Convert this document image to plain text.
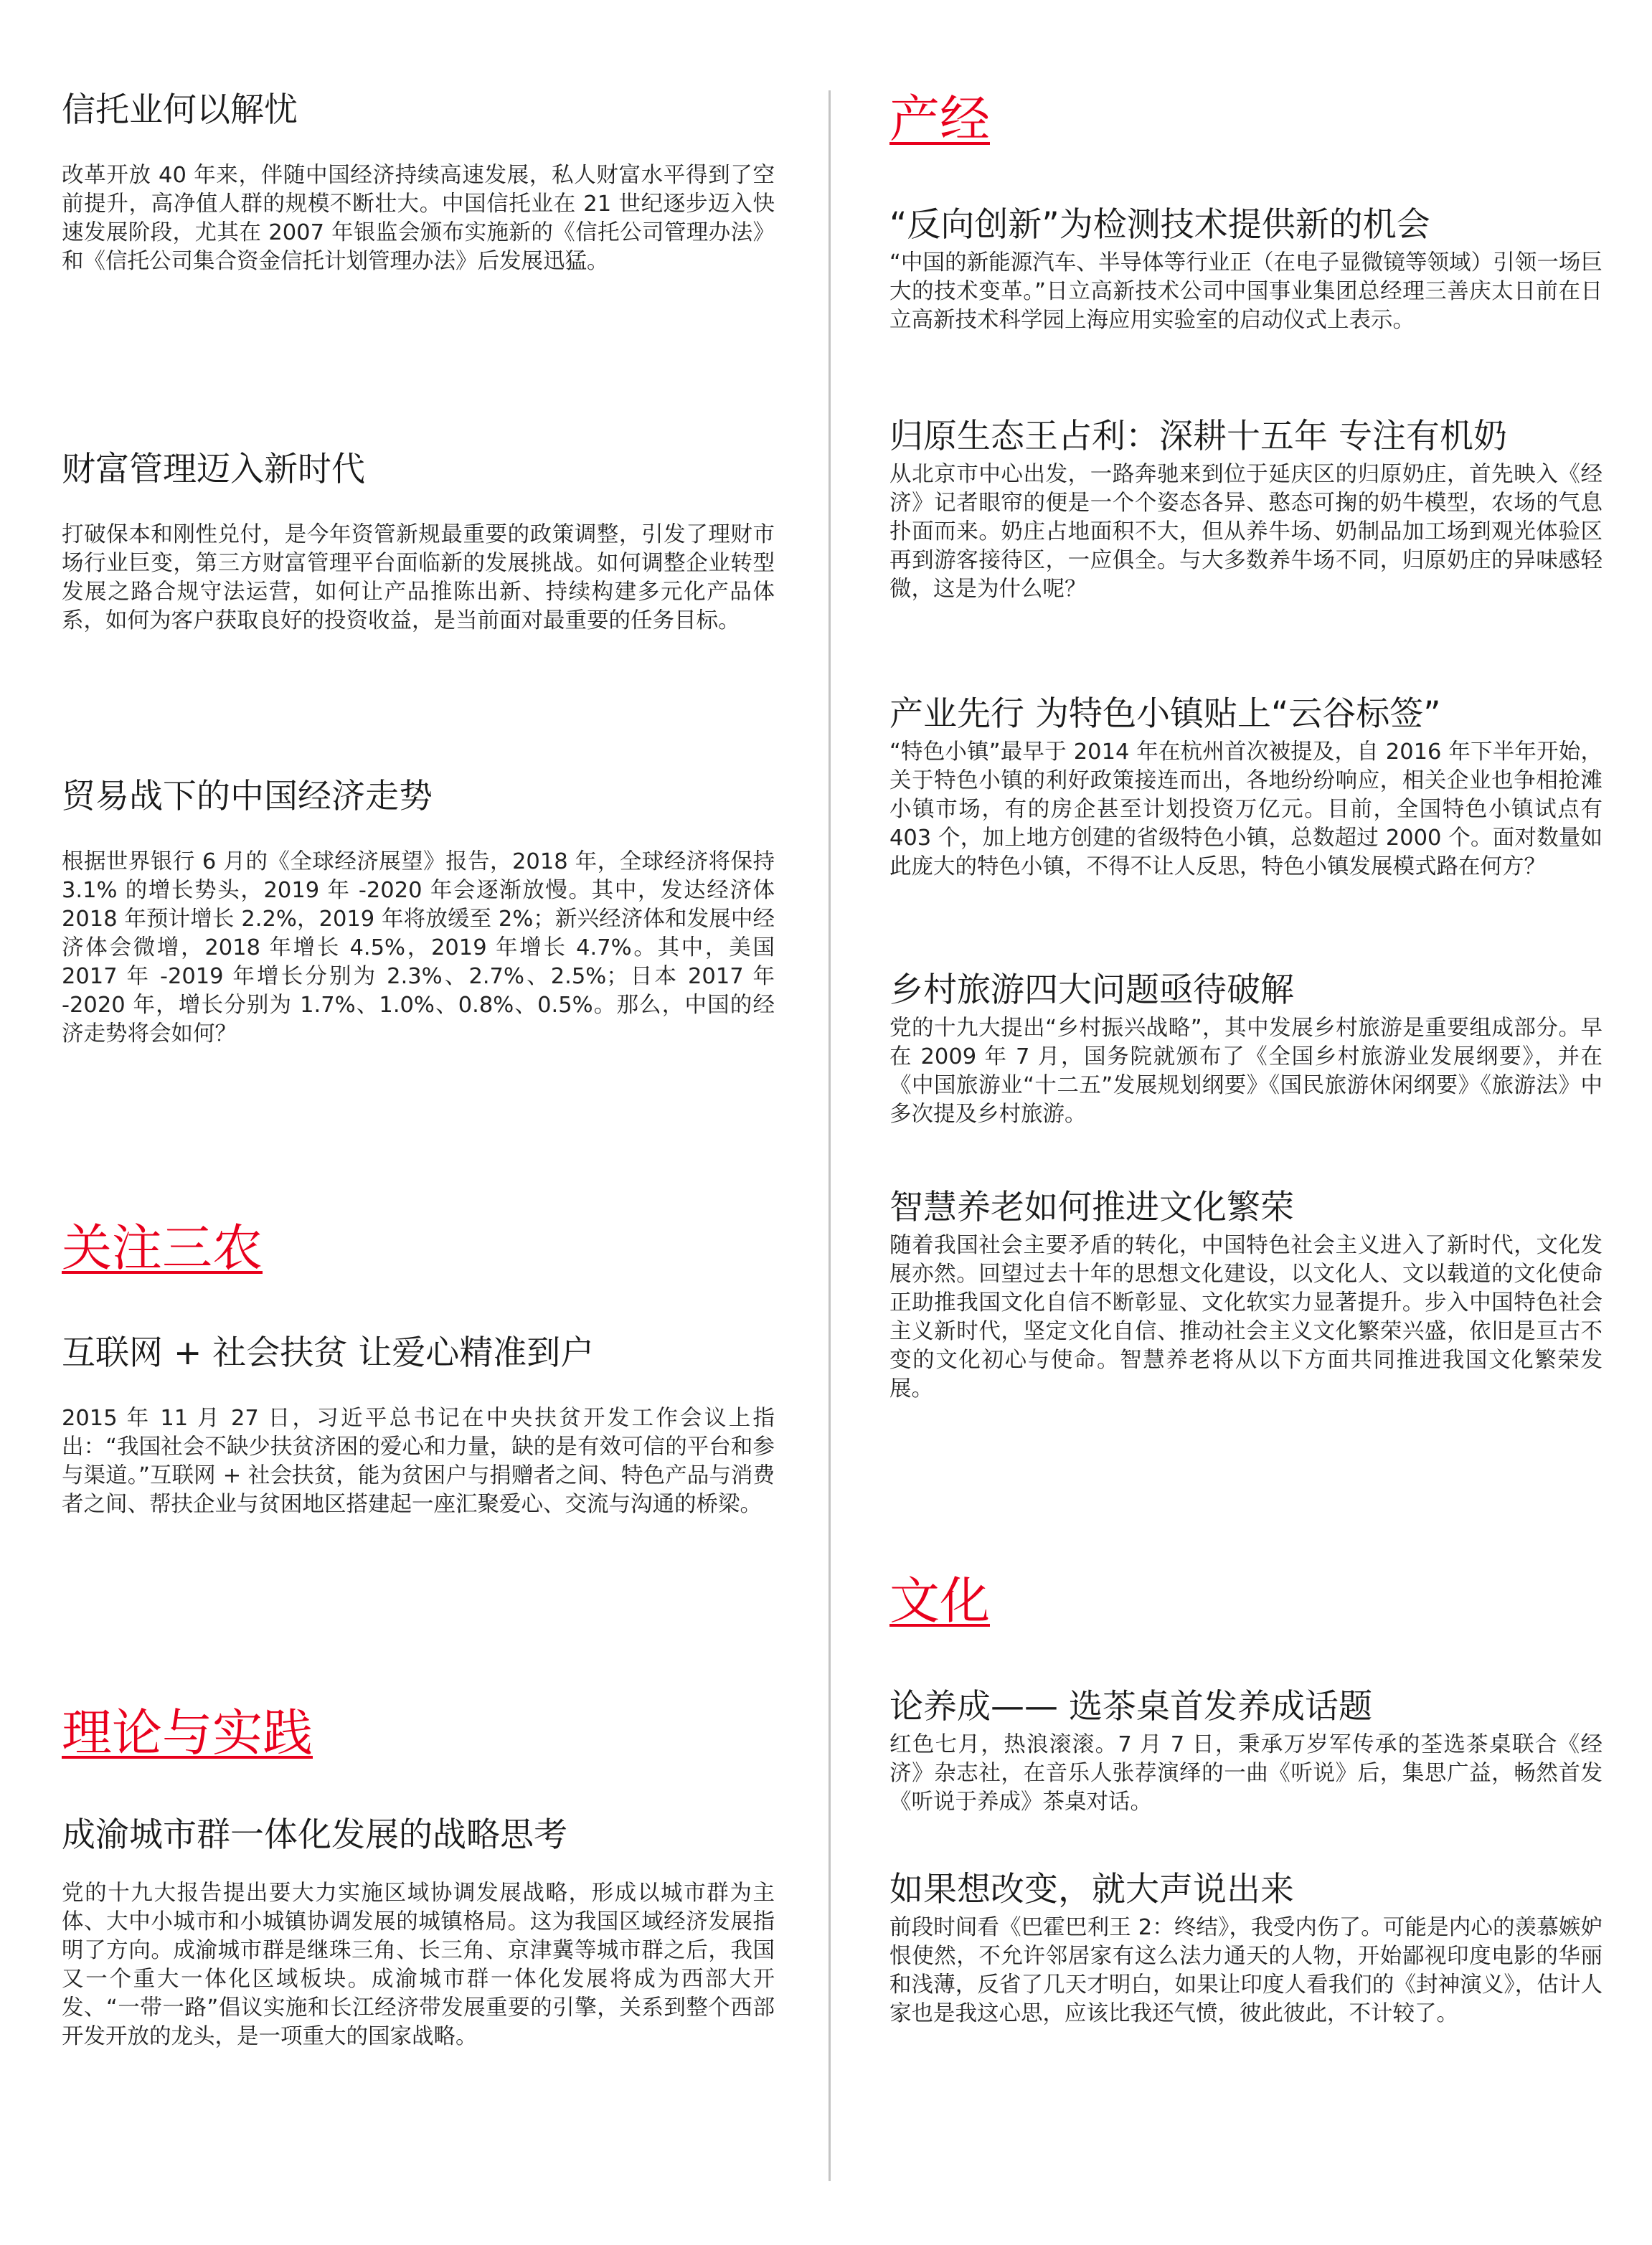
信托业何以解忧

改革开放 40 年来，伴随中国经济持续高速发展，私人财富水平得到了空前提升，高净值人群的规模不断壮大。中国信托业在 21 世纪逐步迈入快速发展阶段，尤其在 2007 年银监会颁布实施新的《信托公司管理办法》和《信托公司集合资金信托计划管理办法》后发展迅猛。

财富管理迈入新时代

打破保本和刚性兑付，是今年资管新规最重要的政策调整，引发了理财市场行业巨变，第三方财富管理平台面临新的发展挑战。如何调整企业转型发展之路合规守法运营，如何让产品推陈出新、持续构建多元化产品体系，如何为客户获取良好的投资收益，是当前面对最重要的任务目标。

贸易战下的中国经济走势

根据世界银行 6 月的《全球经济展望》报告，2018 年，全球经济将保持 3.1% 的增长势头，2019 年 -2020 年会逐渐放慢。其中，发达经济体 2018 年预计增长 2.2%，2019 年将放缓至 2%；新兴经济体和发展中经济体会微增，2018 年增长 4.5%，2019 年增长 4.7%。其中，美国 2017 年 -2019 年增长分别为 2.3%、2.7%、2.5%；日本 2017 年 -2020 年，增长分别为 1.7%、1.0%、0.8%、0.5%。那么，中国的经济走势将会如何？

关注三农
互联网 + 社会扶贫 让爱心精准到户

2015 年 11 月 27 日，习近平总书记在中央扶贫开发工作会议上指出：“我国社会不缺少扶贫济困的爱心和力量，缺的是有效可信的平台和参与渠道。”互联网 + 社会扶贫，能为贫困户与捐赠者之间、特色产品与消费者之间、帮扶企业与贫困地区搭建起一座汇聚爱心、交流与沟通的桥梁。

理论与实践
成渝城市群一体化发展的战略思考

党的十九大报告提出要大力实施区域协调发展战略，形成以城市群为主体、大中小城市和小城镇协调发展的城镇格局。这为我国区域经济发展指明了方向。成渝城市群是继珠三角、长三角、京津冀等城市群之后，我国又一个重大一体化区域板块。成渝城市群一体化发展将成为西部大开发、“一带一路”倡议实施和长江经济带发展重要的引擎，关系到整个西部开发开放的龙头，是一项重大的国家战略。

产经
“反向创新”为检测技术提供新的机会

“中国的新能源汽车、半导体等行业正（在电子显微镜等领域）引领一场巨大的技术变革。”日立高新技术公司中国事业集团总经理三善庆太日前在日立高新技术科学园上海应用实验室的启动仪式上表示。

归原生态王占利：深耕十五年 专注有机奶

从北京市中心出发，一路奔驰来到位于延庆区的归原奶庄，首先映入《经济》记者眼帘的便是一个个姿态各异、憨态可掬的奶牛模型，农场的气息扑面而来。奶庄占地面积不大，但从养牛场、奶制品加工场到观光体验区再到游客接待区，一应俱全。与大多数养牛场不同，归原奶庄的异味感轻微，这是为什么呢？

产业先行 为特色小镇贴上“云谷标签”

“特色小镇”最早于 2014 年在杭州首次被提及，自 2016 年下半年开始，关于特色小镇的利好政策接连而出，各地纷纷响应，相关企业也争相抢滩小镇市场，有的房企甚至计划投资万亿元。目前，全国特色小镇试点有 403 个，加上地方创建的省级特色小镇，总数超过 2000 个。面对数量如此庞大的特色小镇，不得不让人反思，特色小镇发展模式路在何方？

乡村旅游四大问题亟待破解

党的十九大提出“乡村振兴战略”，其中发展乡村旅游是重要组成部分。早在 2009 年 7 月，国务院就颁布了《全国乡村旅游业发展纲要》，并在《中国旅游业“十二五”发展规划纲要》《国民旅游休闲纲要》《旅游法》中多次提及乡村旅游。

智慧养老如何推进文化繁荣

随着我国社会主要矛盾的转化，中国特色社会主义进入了新时代，文化发展亦然。回望过去十年的思想文化建设，以文化人、文以载道的文化使命正助推我国文化自信不断彰显、文化软实力显著提升。步入中国特色社会主义新时代，坚定文化自信、推动社会主义文化繁荣兴盛，依旧是亘古不变的文化初心与使命。智慧养老将从以下方面共同推进我国文化繁荣发展。

文化
论养成—— 选茶桌首发养成话题

红色七月，热浪滚滚。7 月 7 日，秉承万岁军传承的荃选茶桌联合《经济》杂志社，在音乐人张荐演绎的一曲《听说》后，集思广益，畅然首发《听说于养成》茶桌对话。

如果想改变，就大声说出来

前段时间看《巴霍巴利王 2：终结》，我受内伤了。可能是内心的羡慕嫉妒恨使然，不允许邻居家有这么法力通天的人物，开始鄙视印度电影的华丽和浅薄，反省了几天才明白，如果让印度人看我们的《封神演义》，估计人家也是我这心思，应该比我还气愤，彼此彼此，不计较了。
